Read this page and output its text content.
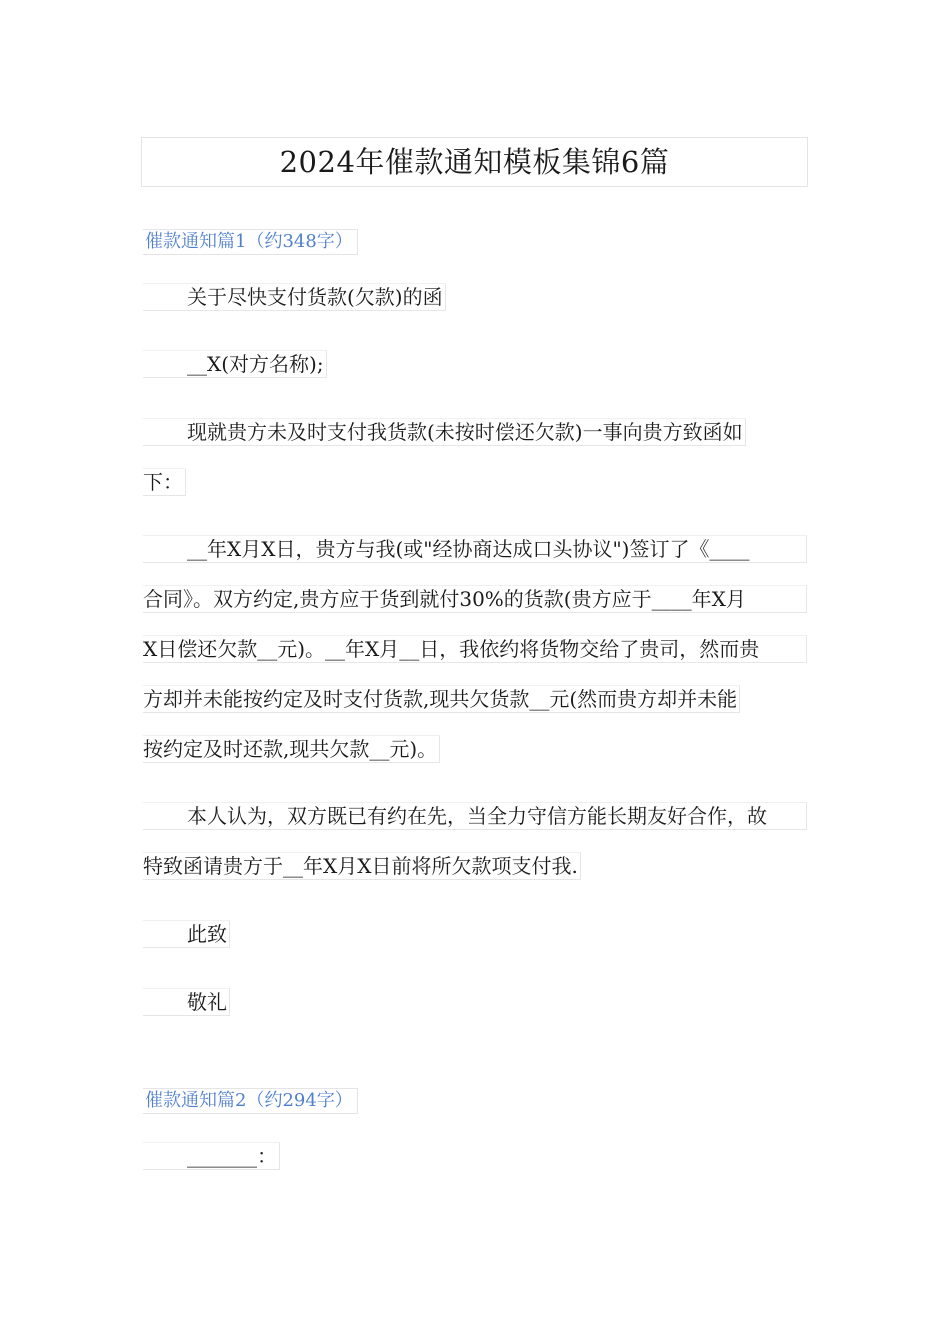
2024年催款通知模板集锦6篇
催款通知篇1（约348字）
关于尽快支付货款(欠款)的函
__X(对方名称);
现就贵方未及时支付我货款(未按时偿还欠款)一事向贵方致函如
下：
__年X月X日，贵方与我(或"经协商达成口头协议")签订了《____
合同》。双方约定,贵方应于货到就付30%的货款(贵方应于____年X月
X日偿还欠款__元)。__年X月__日，我依约将货物交给了贵司，然而贵
方却并未能按约定及时支付货款,现共欠货款__元(然而贵方却并未能
按约定及时还款,现共欠款__元)。
本人认为，双方既已有约在先，当全力守信方能长期友好合作，故
特致函请贵方于__年X月X日前将所欠款项支付我.
此致
敬礼
催款通知篇2（约294字）
_______：
